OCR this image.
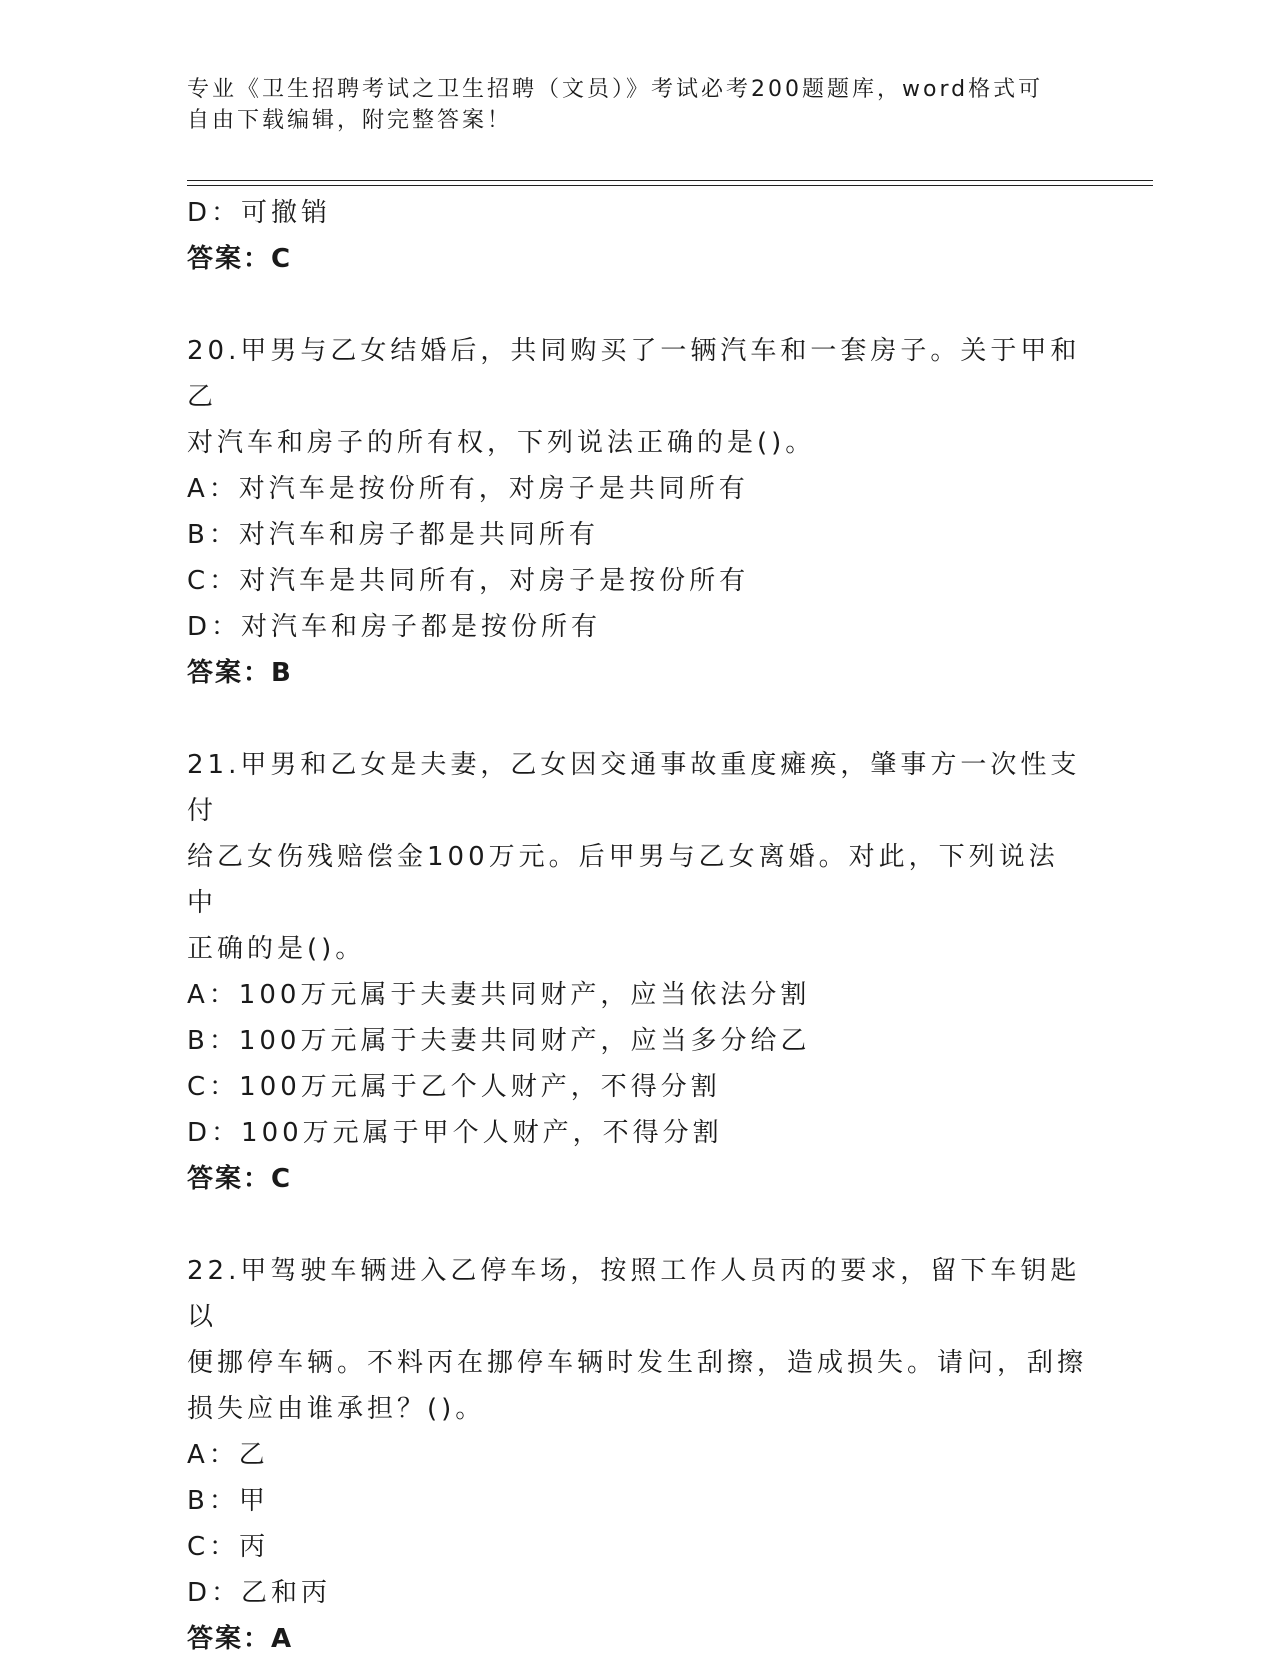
专业《卫生招聘考试之卫生招聘（文员）》考试必考200题题库，word格式可自由下载编辑，附完整答案！
D：可撤销
答案：C
20.甲男与乙女结婚后，共同购买了一辆汽车和一套房子。关于甲和乙
对汽车和房子的所有权，下列说法正确的是()。
A：对汽车是按份所有，对房子是共同所有
B：对汽车和房子都是共同所有
C：对汽车是共同所有，对房子是按份所有
D：对汽车和房子都是按份所有
答案：B
21.甲男和乙女是夫妻，乙女因交通事故重度瘫痪，肇事方一次性支付
给乙女伤残赔偿金100万元。后甲男与乙女离婚。对此，下列说法中
正确的是()。
A：100万元属于夫妻共同财产，应当依法分割
B：100万元属于夫妻共同财产，应当多分给乙
C：100万元属于乙个人财产，不得分割
D：100万元属于甲个人财产，不得分割
答案：C
22.甲驾驶车辆进入乙停车场，按照工作人员丙的要求，留下车钥匙以
便挪停车辆。不料丙在挪停车辆时发生刮擦，造成损失。请问，刮擦
损失应由谁承担？()。
A：乙
B：甲
C：丙
D：乙和丙
答案：A
